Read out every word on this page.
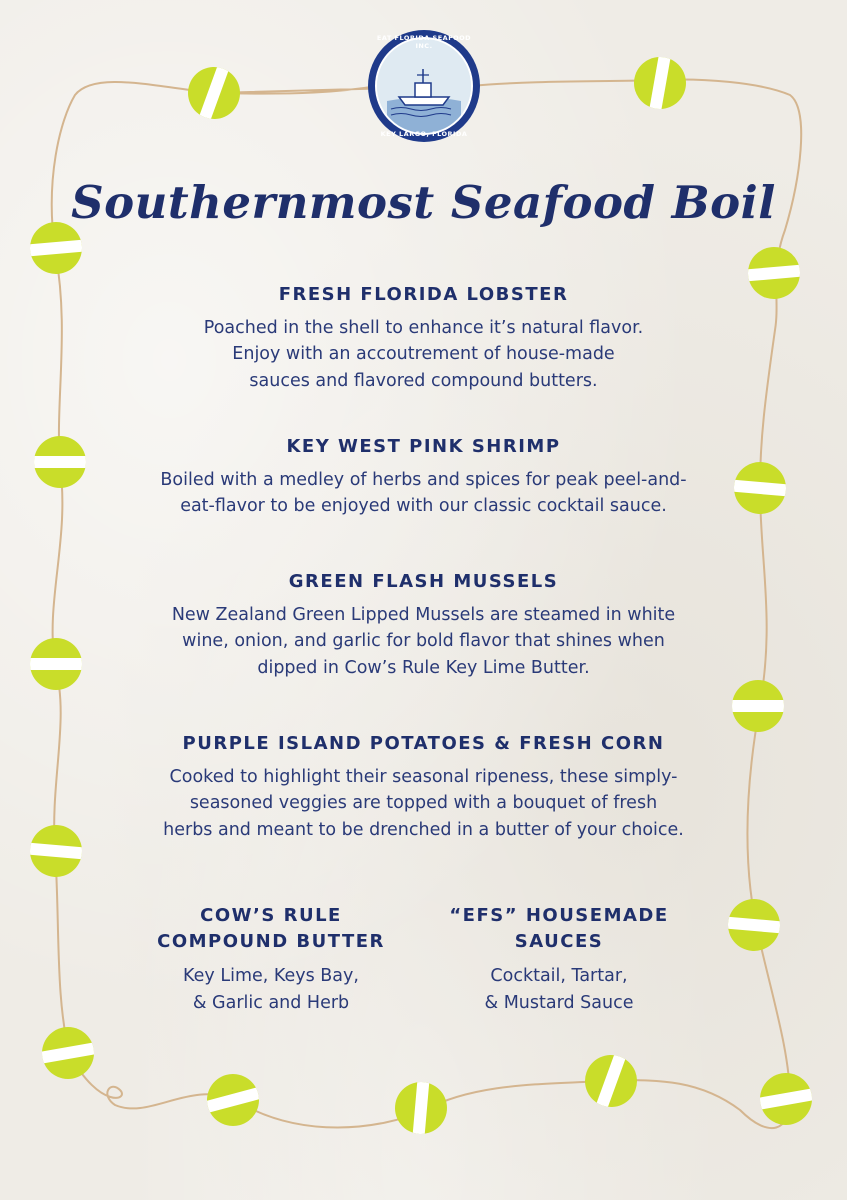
EAT FLORIDA SEAFOOD INC.
KEY LARGO, FLORIDA
Southernmost Seafood Boil
FRESH FLORIDA LOBSTER

Poached in the shell to enhance it’s natural flavor.
Enjoy with an accoutrement of house-made
sauces and flavored compound butters.

KEY WEST PINK SHRIMP

Boiled with a medley of herbs and spices for peak peel-and-
eat-flavor to be enjoyed with our classic cocktail sauce.

GREEN FLASH MUSSELS

New Zealand Green Lipped Mussels are steamed in white
wine, onion, and garlic for bold flavor that shines when
dipped in Cow’s Rule Key Lime Butter.

PURPLE ISLAND POTATOES & FRESH CORN

Cooked to highlight their seasonal ripeness, these simply-
seasoned veggies are topped with a bouquet of fresh
herbs and meant to be drenched in a butter of your choice.

COW’S RULE
COMPOUND BUTTER

Key Lime, Keys Bay,
& Garlic and Herb

“EFS” HOUSEMADE
SAUCES

Cocktail, Tartar,
& Mustard Sauce
